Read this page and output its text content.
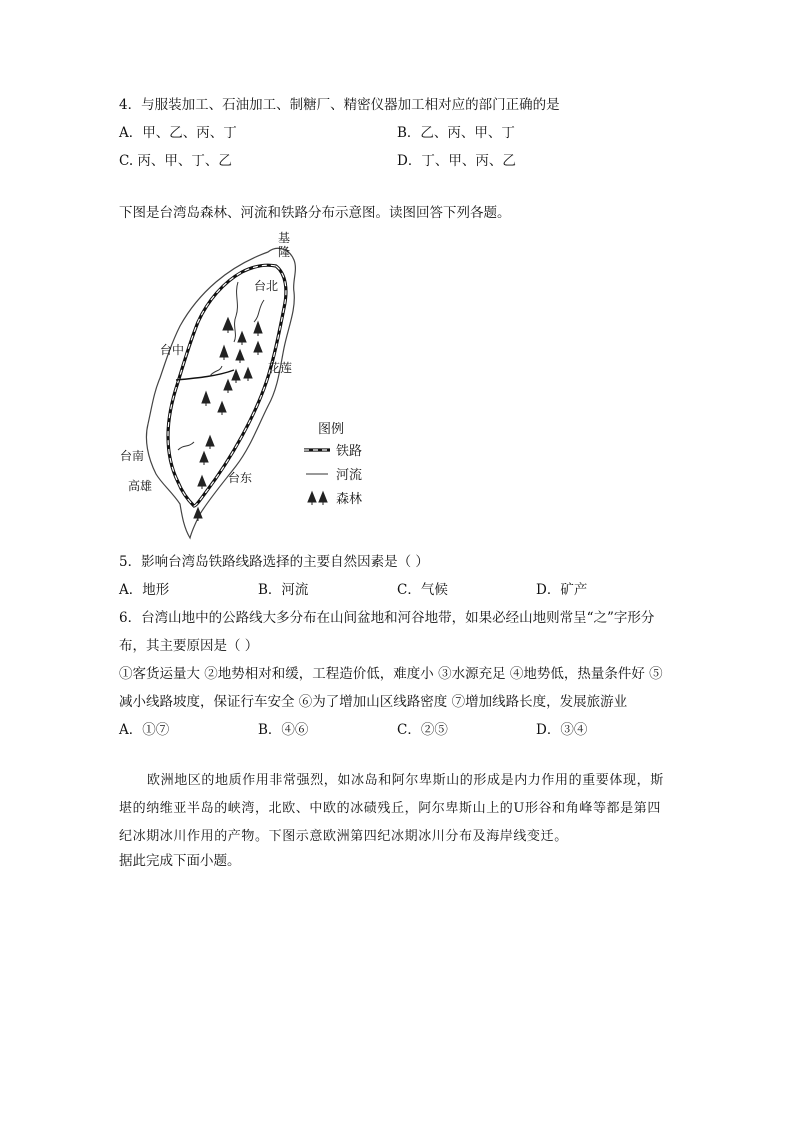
4．与服装加工、石油加工、制糖厂、精密仪器加工相对应的部门正确的是
A．甲、乙、丙、丁	B．乙、丙、甲、丁
C. 丙、甲、丁、乙	D．丁、甲、丙、乙
下图是台湾岛森林、河流和铁路分布示意图。读图回答下列各题。
基
隆
台北
台中
花莲
台南
高雄
台东
图例
铁路
河流
森林
5．影响台湾岛铁路线路选择的主要自然因素是（ ）
A．地形	B．河流	C．气候	D．矿产
6．台湾山地中的公路线大多分布在山间盆地和河谷地带，如果必经山地则常呈“之”字形分
布，其主要原因是（ ）
①客货运量大 ②地势相对和缓，工程造价低，难度小 ③水源充足 ④地势低，热量条件好 ⑤
减小线路坡度，保证行车安全 ⑥为了增加山区线路密度 ⑦增加线路长度，发展旅游业
A．①⑦	B．④⑥	C．②⑤	D．③④
欧洲地区的地质作用非常强烈，如冰岛和阿尔卑斯山的形成是内力作用的重要体现，斯
堪的纳维亚半岛的峡湾，北欧、中欧的冰碛残丘，阿尔卑斯山上的U形谷和角峰等都是第四
纪冰期冰川作用的产物。下图示意欧洲第四纪冰期冰川分布及海岸线变迁。
据此完成下面小题。
